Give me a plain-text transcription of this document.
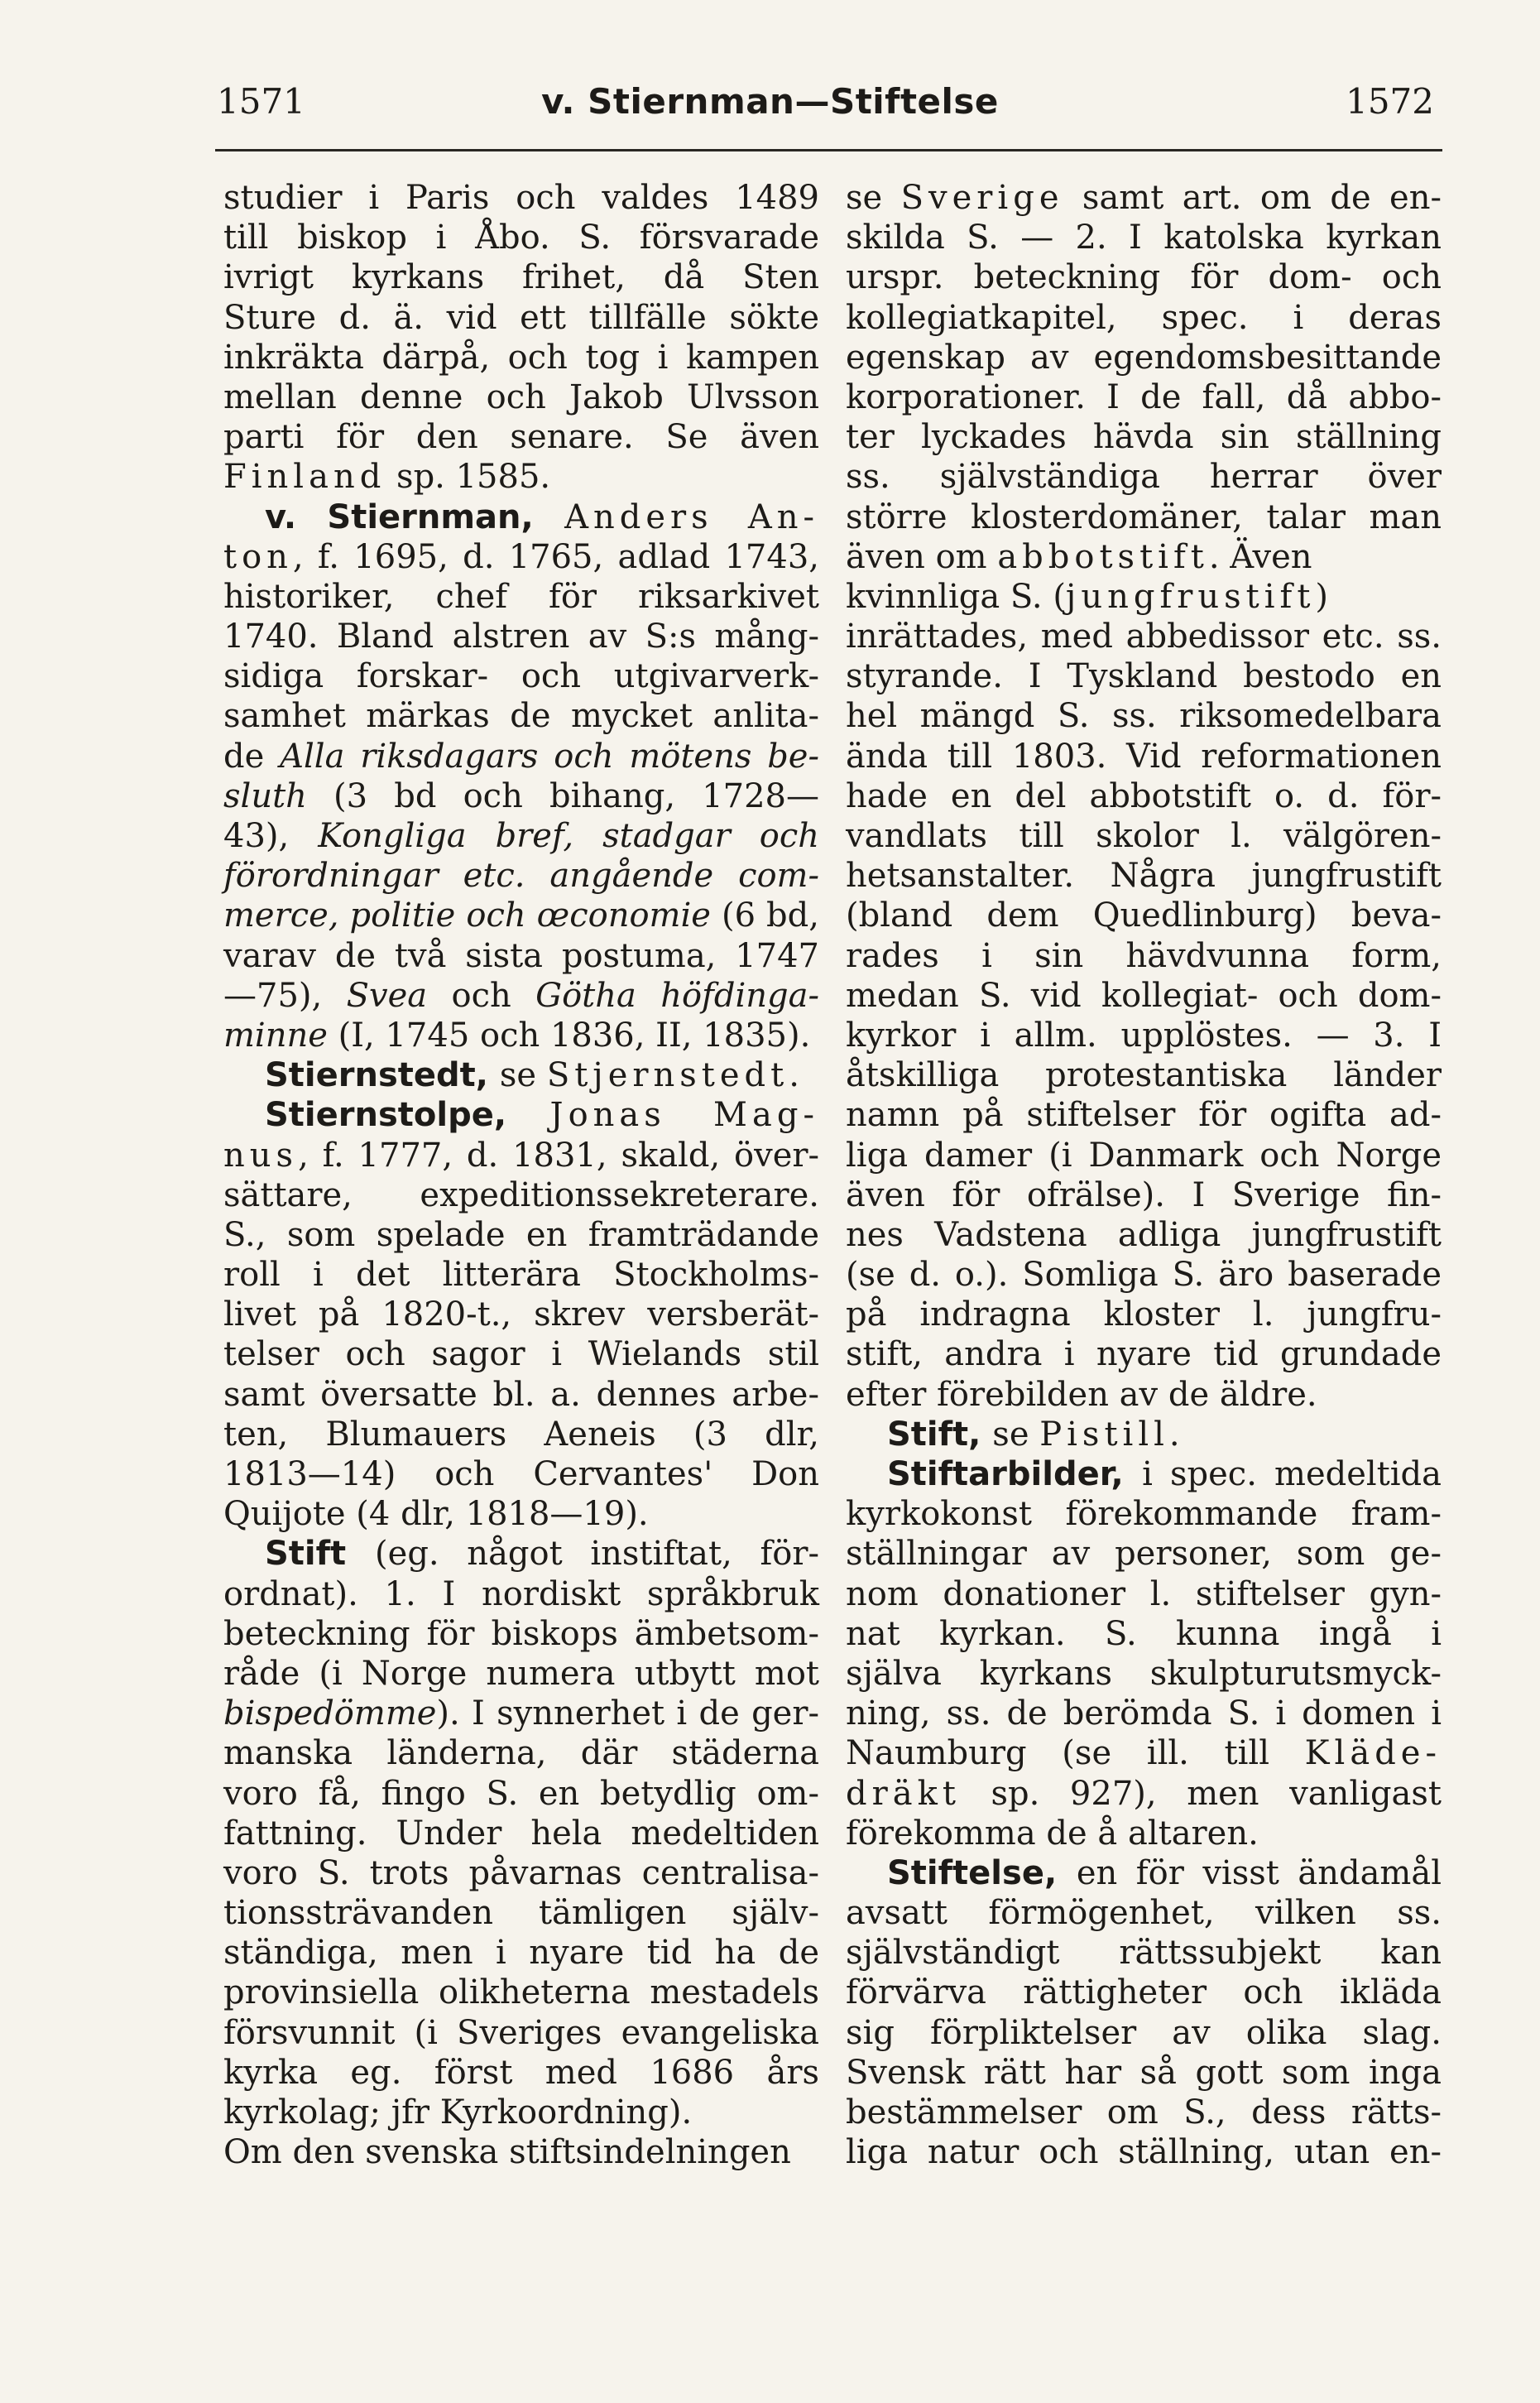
1571	v. Stiernman—Stiftelse	1572
studier i Paris och valdes 1489
till biskop i Åbo. S. försvarade
ivrigt kyrkans frihet, då Sten
Sture d. ä. vid ett tillfälle sökte
inkräkta därpå, och tog i kampen
mellan denne och Jakob Ulvsson
parti för den senare. Se även
Finland sp. 1585.
v. Stiernman, Anders An-
ton, f. 1695, d. 1765, adlad 1743,
historiker, chef för riksarkivet
1740. Bland alstren av S:s mång-
sidiga forskar- och utgivarverk-
samhet märkas de mycket anlita-
de Alla riksdagars och mötens be-
sluth (3 bd och bihang, 1728—
43), Kongliga bref, stadgar och
förordningar etc. angående com-
merce, politie och œconomie (6 bd,
varav de två sista postuma, 1747
—75), Svea och Götha höfdinga-
minne (I, 1745 och 1836, II, 1835).
Stiernstedt, se Stjernstedt.
Stiernstolpe, Jonas Mag-
nus, f. 1777, d. 1831, skald, över-
sättare, expeditionssekreterare.
S., som spelade en framträdande
roll i det litterära Stockholms-
livet på 1820-t., skrev versberät-
telser och sagor i Wielands stil
samt översatte bl. a. dennes arbe-
ten, Blumauers Aeneis (3 dlr,
1813—14) och Cervantes' Don
Quijote (4 dlr, 1818—19).
Stift (eg. något instiftat, för-
ordnat). 1. I nordiskt språkbruk
beteckning för biskops ämbetsom-
råde (i Norge numera utbytt mot
bispedömme). I synnerhet i de ger-
manska länderna, där städerna
voro få, fingo S. en betydlig om-
fattning. Under hela medeltiden
voro S. trots påvarnas centralisa-
tionssträvanden tämligen själv-
ständiga, men i nyare tid ha de
provinsiella olikheterna mestadels
försvunnit (i Sveriges evangeliska
kyrka eg. först med 1686 års
kyrkolag; jfr Kyrkoordning).
Om den svenska stiftsindelningen
se Sverige samt art. om de en-
skilda S. — 2. I katolska kyrkan
urspr. beteckning för dom- och
kollegiatkapitel, spec. i deras
egenskap av egendomsbesittande
korporationer. I de fall, då abbo-
ter lyckades hävda sin ställning
ss. självständiga herrar över
större klosterdomäner, talar man
även om abbotstift. Även
kvinnliga S. (jungfrustift)
inrättades, med abbedissor etc. ss.
styrande. I Tyskland bestodo en
hel mängd S. ss. riksomedelbara
ända till 1803. Vid reformationen
hade en del abbotstift o. d. för-
vandlats till skolor l. välgören-
hetsanstalter. Några jungfrustift
(bland dem Quedlinburg) beva-
rades i sin hävdvunna form,
medan S. vid kollegiat- och dom-
kyrkor i allm. upplöstes. — 3. I
åtskilliga protestantiska länder
namn på stiftelser för ogifta ad-
liga damer (i Danmark och Norge
även för ofrälse). I Sverige fin-
nes Vadstena adliga jungfrustift
(se d. o.). Somliga S. äro baserade
på indragna kloster l. jungfru-
stift, andra i nyare tid grundade
efter förebilden av de äldre.
Stift, se Pistill.
Stiftarbilder, i spec. medeltida
kyrkokonst förekommande fram-
ställningar av personer, som ge-
nom donationer l. stiftelser gyn-
nat kyrkan. S. kunna ingå i
själva kyrkans skulpturutsmyck-
ning, ss. de berömda S. i domen i
Naumburg (se ill. till Kläde-
dräkt sp. 927), men vanligast
förekomma de å altaren.
Stiftelse, en för visst ändamål
avsatt förmögenhet, vilken ss.
självständigt rättssubjekt kan
förvärva rättigheter och ikläda
sig förpliktelser av olika slag.
Svensk rätt har så gott som inga
bestämmelser om S., dess rätts-
liga natur och ställning, utan en-
